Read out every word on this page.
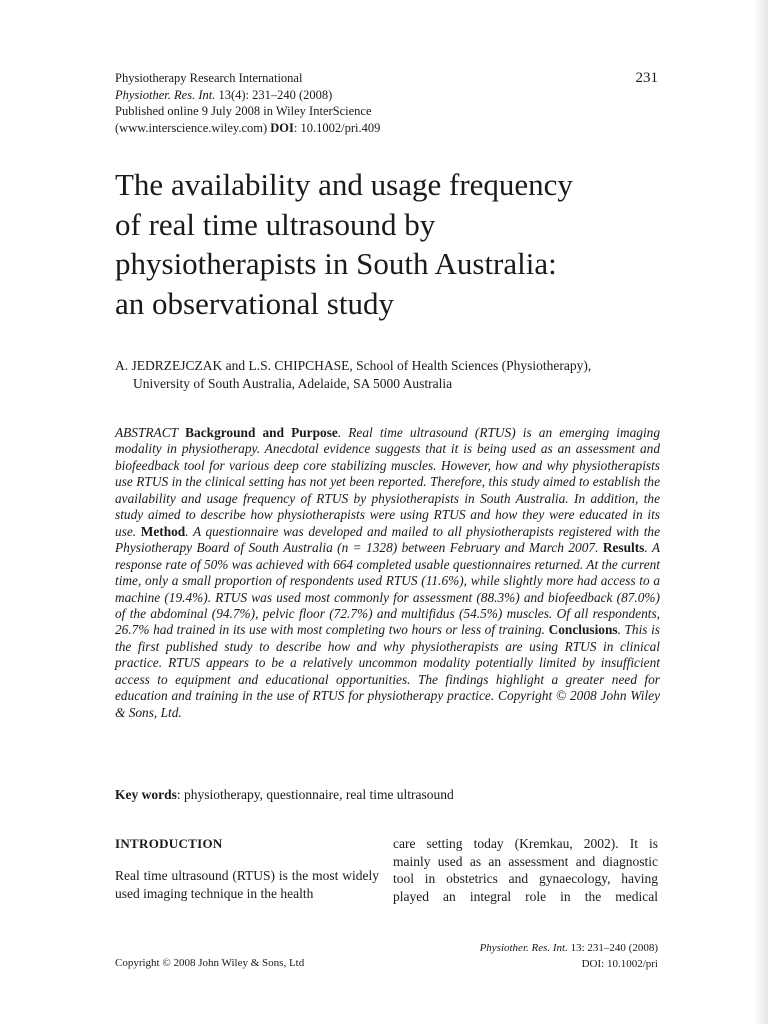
Physiotherapy Research International
Physiother. Res. Int. 13(4): 231–240 (2008)
Published online 9 July 2008 in Wiley InterScience
(www.interscience.wiley.com) DOI: 10.1002/pri.409
231
The availability and usage frequency
of real time ultrasound by
physiotherapists in South Australia:
an observational study
A. JEDRZEJCZAK and L.S. CHIPCHASE, School of Health Sciences (Physiotherapy),
University of South Australia, Adelaide, SA 5000 Australia
ABSTRACT Background and Purpose. Real time ultrasound (RTUS) is an emerging imaging modality in physiotherapy. Anecdotal evidence suggests that it is being used as an assessment and biofeedback tool for various deep core stabilizing muscles. However, how and why physiotherapists use RTUS in the clinical setting has not yet been reported. Therefore, this study aimed to establish the availability and usage frequency of RTUS by physiotherapists in South Australia. In addition, the study aimed to describe how physiotherapists were using RTUS and how they were educated in its use. Method. A questionnaire was developed and mailed to all physiotherapists registered with the Physiotherapy Board of South Australia (n = 1328) between February and March 2007. Results. A response rate of 50% was achieved with 664 completed usable questionnaires returned. At the current time, only a small proportion of respondents used RTUS (11.6%), while slightly more had access to a machine (19.4%). RTUS was used most commonly for assessment (88.3%) and biofeedback (87.0%) of the abdominal (94.7%), pelvic floor (72.7%) and multifidus (54.5%) muscles. Of all respondents, 26.7% had trained in its use with most completing two hours or less of training. Conclusions. This is the first published study to describe how and why physiotherapists are using RTUS in clinical practice. RTUS appears to be a relatively uncommon modality potentially limited by insufficient access to equipment and educational opportunities. The findings highlight a greater need for education and training in the use of RTUS for physiotherapy practice. Copyright © 2008 John Wiley & Sons, Ltd.
Key words: physiotherapy, questionnaire, real time ultrasound
INTRODUCTION

Real time ultrasound (RTUS) is the most widely used imaging technique in the health

care setting today (Kremkau, 2002). It is
mainly used as an assessment and diagnostic
tool in obstetrics and gynaecology, having
played an integral role in the medical
Copyright © 2008 John Wiley & Sons, Ltd
Physiother. Res. Int. 13: 231–240 (2008)
DOI: 10.1002/pri
